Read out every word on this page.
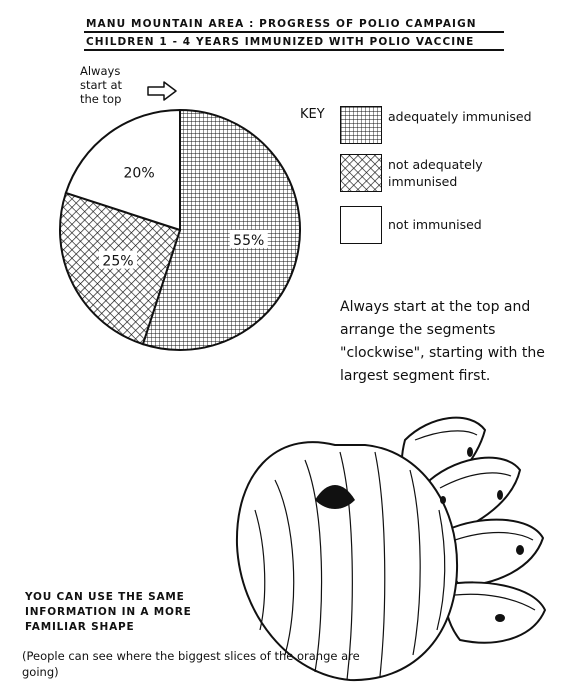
MANU MOUNTAIN AREA : PROGRESS OF POLIO CAMPAIGN
CHILDREN 1 - 4 YEARS IMMUNIZED WITH POLIO VACCINE
Always
start at
the top
55%
25%
20%
KEY	adequately immunised
not adequately immunised
not immunised
Always start at the top and arrange the segments "clockwise", starting with the largest segment first.
YOU CAN USE THE SAME INFORMATION IN A MORE FAMILIAR SHAPE
(People can see where the biggest slices of the orange are going)
